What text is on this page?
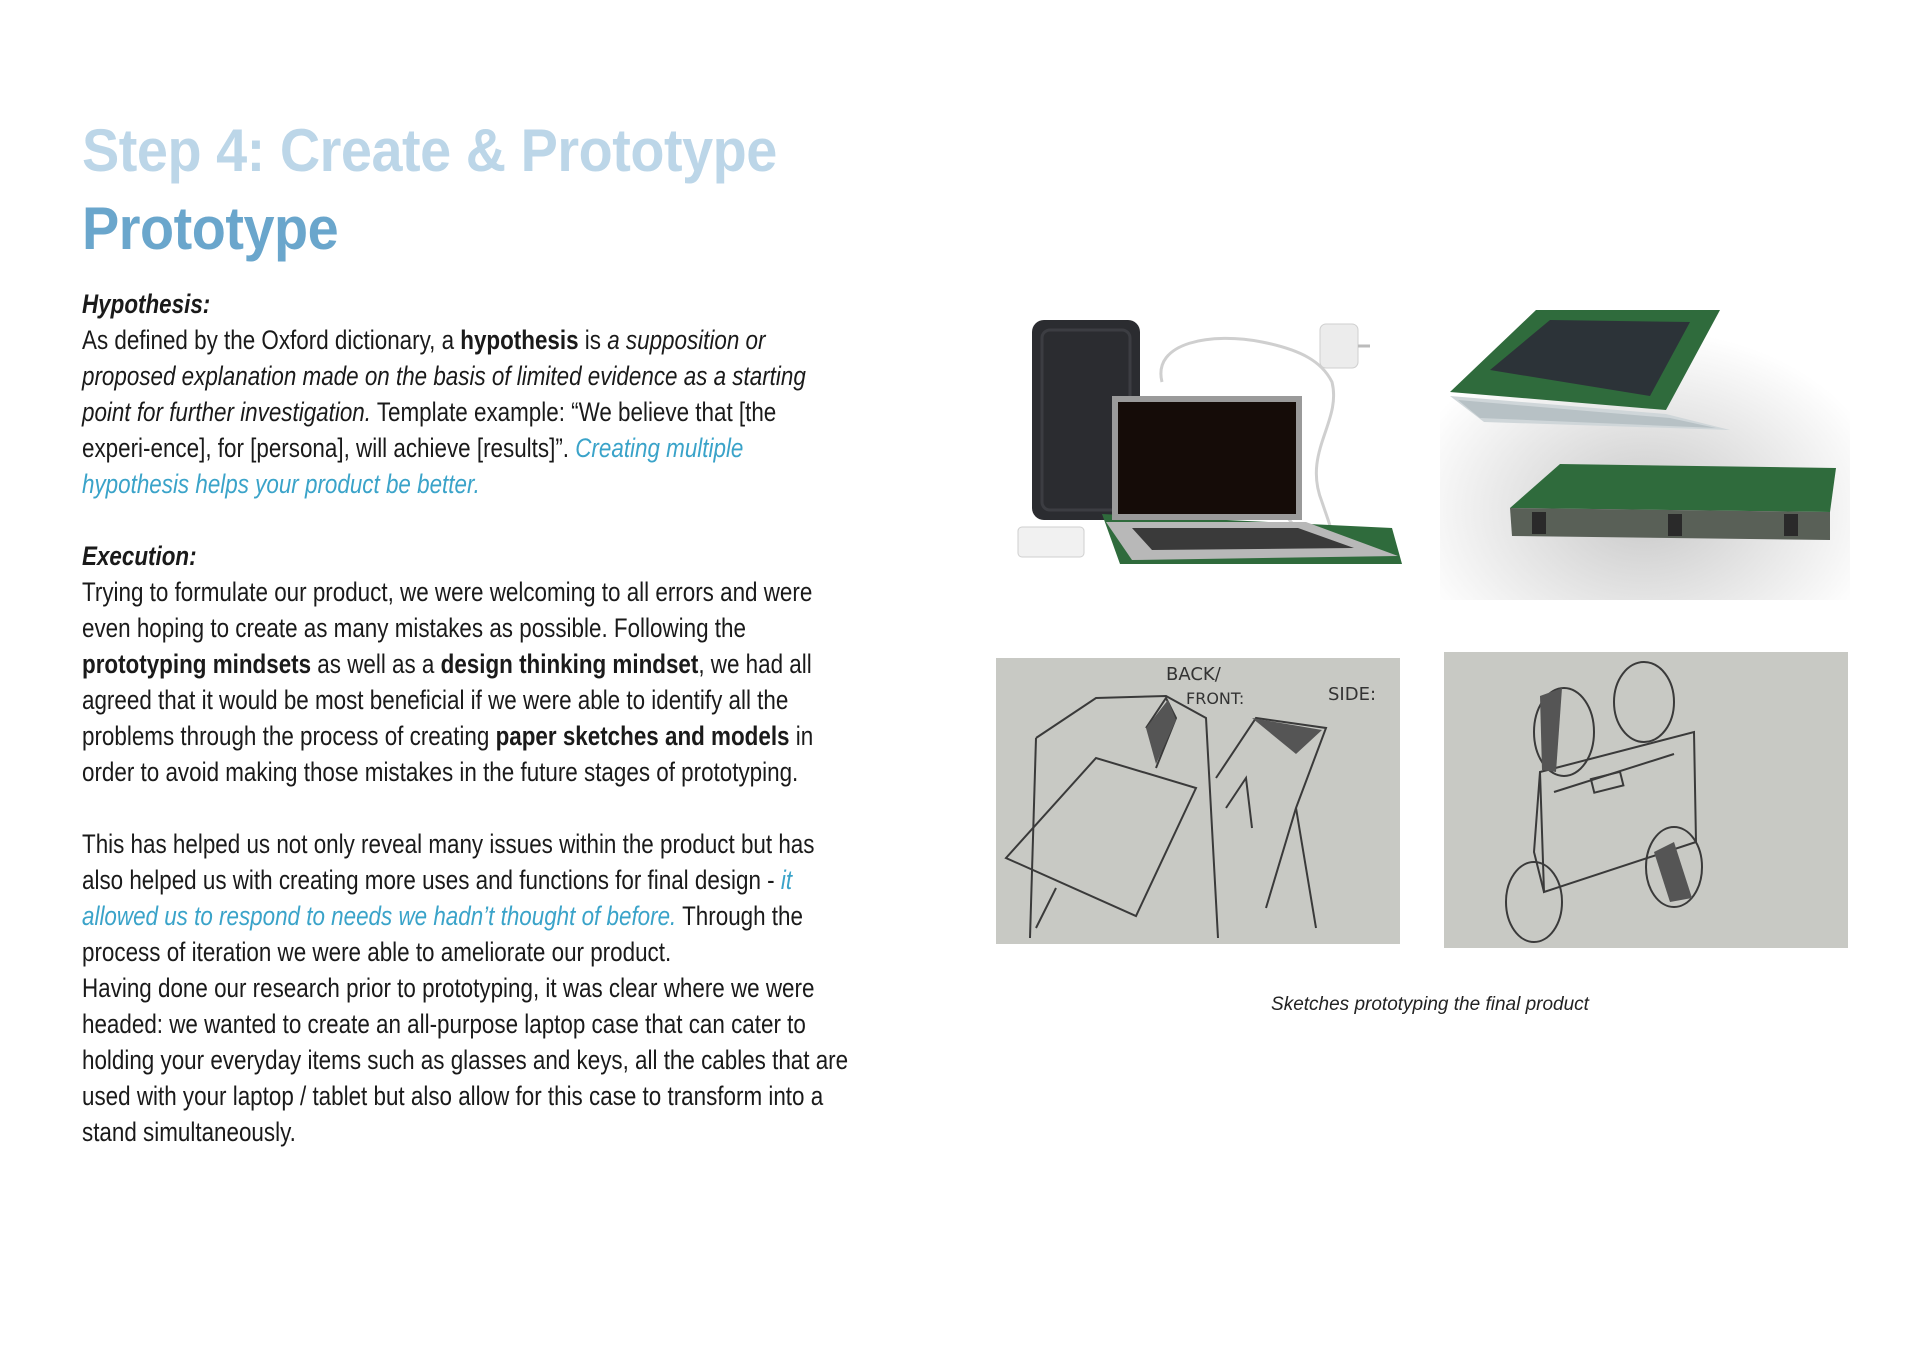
Step 4: Create & Prototype
Prototype

Hypothesis:

As defined by the Oxford dictionary, a hypothesis is a supposition or proposed explanation made on the basis of limited evidence as a starting point for further investigation. Template example: “We believe that [the experi-ence], for [persona], will achieve [results]”. Creating multiple hypothesis helps your product be better.

Execution:

Trying to formulate our product, we were welcoming to all errors and were even hoping to create as many mistakes as possible. Following the prototyping mindsets as well as a design thinking mindset, we had all agreed that it would be most beneficial if we were able to identify all the problems through the process of creating paper sketches and models in order to avoid making those mistakes in the future stages of prototyping.

This has helped us not only reveal many issues within the product but has also helped us with creating more uses and functions for final design - it allowed us to respond to needs we hadn’t thought of before. Through the process of iteration we were able to ameliorate our product.

Having done our research prior to prototyping, it was clear where we were headed: we wanted to create an all-purpose laptop case that can cater to holding your everyday items such as glasses and keys, all the cables that are used with your laptop / tablet but also allow for this case to transform into a stand simultaneously.

BACK/
FRONT:	SIDE:
Sketches prototyping the final product
